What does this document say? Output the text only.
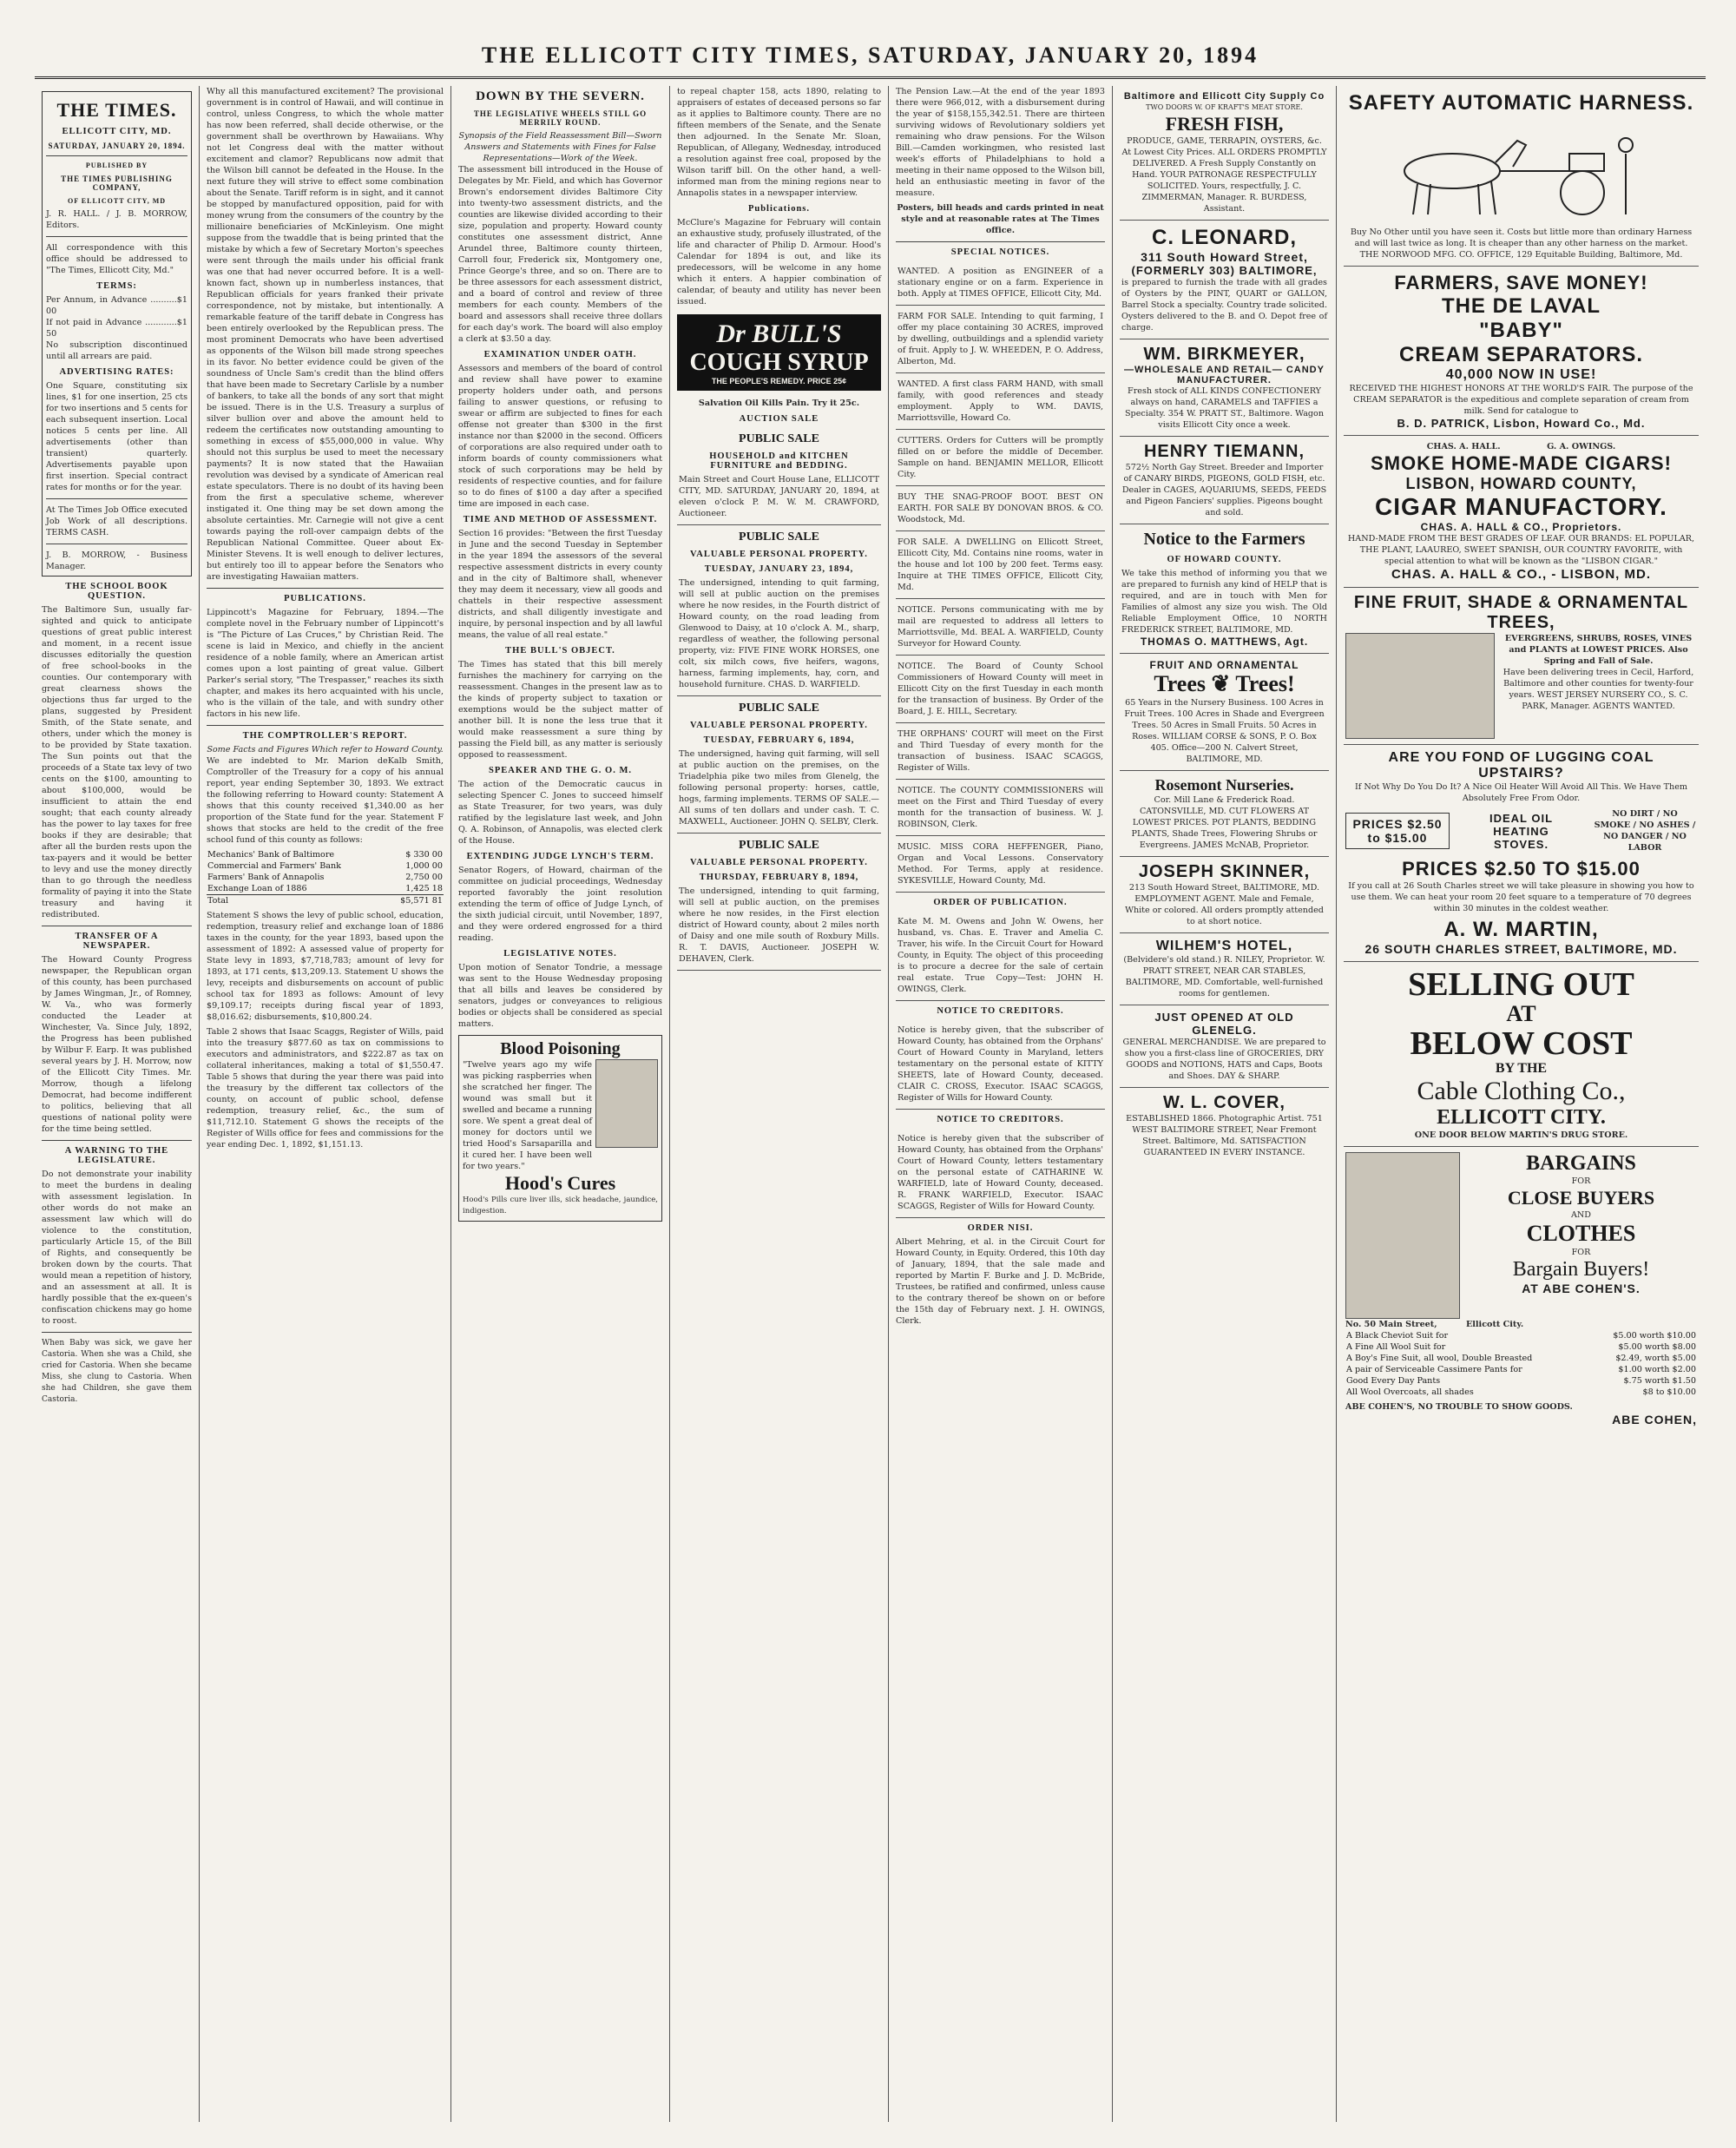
THE ELLICOTT CITY TIMES, SATURDAY, JANUARY 20, 1894
THE TIMES.
ELLICOTT CITY, MD.
SATURDAY, JANUARY 20, 1894.
PUBLISHED BY
THE TIMES PUBLISHING COMPANY,
OF ELLICOTT CITY, MD
J. R. HALL. / J. B. MORROW, Editors.
All correspondence with this office should be addressed to "The Times, Ellicott City, Md."
TERMS:
Per Annum, in Advance ..........$1 00
If not paid in Advance ............$1 50
No subscription discontinued until all arrears are paid.
ADVERTISING RATES:
One Square, constituting six lines, $1 for one insertion, 25 cts for two insertions and 5 cents for each subsequent insertion. Local notices 5 cents per line. All advertisements (other than transient) quarterly. Advertisements payable upon first insertion. Special contract rates for months or for the year.
At The Times Job Office executed Job Work of all descriptions. TERMS CASH.
J. B. MORROW, - Business Manager.
THE SCHOOL BOOK QUESTION.
The Baltimore Sun, usually far-sighted and quick to anticipate questions of great public interest and moment, in a recent issue discusses editorially the question of free school-books in the counties. Our contemporary with great clearness shows the objections thus far urged to the plans, suggested by President Smith, of the State senate, and others, under which the money is to be provided by State taxation. The Sun points out that the proceeds of a State tax levy of two cents on the $100, amounting to about $100,000, would be insufficient to attain the end sought; that each county already has the power to lay taxes for free books if they are desirable; that after all the burden rests upon the tax-payers and it would be better to levy and use the money directly than to go through the needless formality of paying it into the State treasury and having it redistributed.
TRANSFER OF A NEWSPAPER.
The Howard County Progress newspaper, the Republican organ of this county, has been purchased by James Wingman, Jr., of Romney, W. Va., who was formerly conducted the Leader at Winchester, Va. Since July, 1892, the Progress has been published by Wilbur F. Earp. It was published several years by J. H. Morrow, now of the Ellicott City Times. Mr. Morrow, though a lifelong Democrat, had become indifferent to politics, believing that all questions of national polity were for the time being settled.
A WARNING TO THE LEGISLATURE.
Do not demonstrate your inability to meet the burdens in dealing with assessment legislation. In other words do not make an assessment law which will do violence to the constitution, particularly Article 15, of the Bill of Rights, and consequently be broken down by the courts. That would mean a repetition of history, and an assessment at all. It is hardly possible that the ex-queen's confiscation chickens may go home to roost.
When Baby was sick, we gave her Castoria. When she was a Child, she cried for Castoria. When she became Miss, she clung to Castoria. When she had Children, she gave them Castoria.
Why all this manufactured excitement? The provisional government is in control of Hawaii, and will continue in control, unless Congress, to which the whole matter has now been referred, shall decide otherwise, or the government shall be overthrown by Hawaiians. Why not let Congress deal with the matter without excitement and clamor? Republicans now admit that the Wilson bill cannot be defeated in the House. In the next future they will strive to effect some combination about the Senate. Tariff reform is in sight, and it cannot be stopped by manufactured opposition, paid for with money wrung from the consumers of the country by the millionaire beneficiaries of McKinleyism. One might suppose from the twaddle that is being printed that the mistake by which a few of Secretary Morton's speeches were sent through the mails under his official frank was one that had never occurred before. It is a well-known fact, shown up in numberless instances, that Republican officials for years franked their private correspondence, not by mistake, but intentionally. A remarkable feature of the tariff debate in Congress has been entirely overlooked by the Republican press. The most prominent Democrats who have been advertised as opponents of the Wilson bill made strong speeches in its favor. No better evidence could be given of the soundness of Uncle Sam's credit than the blind offers that have been made to Secretary Carlisle by a number of bankers, to take all the bonds of any sort that might be issued. There is in the U.S. Treasury a surplus of silver bullion over and above the amount held to redeem the certificates now outstanding amounting to something in excess of $55,000,000 in value. Why should not this surplus be used to meet the necessary payments? It is now stated that the Hawaiian revolution was devised by a syndicate of American real estate speculators. There is no doubt of its having been from the first a speculative scheme, wherever instigated it. One thing may be set down among the absolute certainties. Mr. Carnegie will not give a cent towards paying the roll-over campaign debts of the Republican National Committee. Queer about Ex-Minister Stevens. It is well enough to deliver lectures, but entirely too ill to appear before the Senators who are investigating Hawaiian matters.
PUBLICATIONS.
Lippincott's Magazine for February, 1894.—The complete novel in the February number of Lippincott's is "The Picture of Las Cruces," by Christian Reid. The scene is laid in Mexico, and chiefly in the ancient residence of a noble family, where an American artist comes upon a lost painting of great value. Gilbert Parker's serial story, "The Trespasser," reaches its sixth chapter, and makes its hero acquainted with his uncle, who is the villain of the tale, and with sundry other factors in his new life.
THE COMPTROLLER'S REPORT.
Some Facts and Figures Which refer to Howard County.
We are indebted to Mr. Marion deKalb Smith, Comptroller of the Treasury for a copy of his annual report, year ending September 30, 1893. We extract the following referring to Howard county: Statement A shows that this county received $1,340.00 as her proportion of the State fund for the year. Statement F shows that stocks are held to the credit of the free school fund of this county as follows:
Mechanics' Bank of Baltimore	$ 330 00
Commercial and Farmers' Bank	1,000 00
Farmers' Bank of Annapolis	2,750 00
Exchange Loan of 1886	1,425 18
Total	$5,571 81
Statement S shows the levy of public school, education, redemption, treasury relief and exchange loan of 1886 taxes in the county, for the year 1893, based upon the assessment of 1892: A assessed value of property for State levy in 1893, $7,718,783; amount of levy for 1893, at 171 cents, $13,209.13. Statement U shows the levy, receipts and disbursements on account of public school tax for 1893 as follows: Amount of levy $9,109.17; receipts during fiscal year of 1893, $8,016.62; disbursements, $10,800.24.
Table 2 shows that Isaac Scaggs, Register of Wills, paid into the treasury $877.60 as tax on commissions to executors and administrators, and $222.87 as tax on collateral inheritances, making a total of $1,550.47. Table 5 shows that during the year there was paid into the treasury by the different tax collectors of the county, on account of public school, defense redemption, treasury relief, &c., the sum of $11,712.10. Statement G shows the receipts of the Register of Wills office for fees and commissions for the year ending Dec. 1, 1892, $1,151.13.
DOWN BY THE SEVERN.
THE LEGISLATIVE WHEELS STILL GO MERRILY ROUND.
Synopsis of the Field Reassessment Bill—Sworn Answers and Statements with Fines for False Representations—Work of the Week.
The assessment bill introduced in the House of Delegates by Mr. Field, and which has Governor Brown's endorsement divides Baltimore City into twenty-two assessment districts, and the counties are likewise divided according to their size, population and property. Howard county constitutes one assessment district, Anne Arundel three, Baltimore county thirteen, Carroll four, Frederick six, Montgomery one, Prince George's three, and so on. There are to be three assessors for each assessment district, and a board of control and review of three members for each county. Members of the board and assessors shall receive three dollars for each day's work. The board will also employ a clerk at $3.50 a day.
EXAMINATION UNDER OATH.
Assessors and members of the board of control and review shall have power to examine property holders under oath, and persons failing to answer questions, or refusing to swear or affirm are subjected to fines for each offense not greater than $300 in the first instance nor than $2000 in the second. Officers of corporations are also required under oath to inform boards of county commissioners what stock of such corporations may be held by residents of respective counties, and for failure so to do fines of $100 a day after a specified time are imposed in each case.
TIME AND METHOD OF ASSESSMENT.
Section 16 provides: "Between the first Tuesday in June and the second Tuesday in September in the year 1894 the assessors of the several respective assessment districts in every county and in the city of Baltimore shall, whenever they may deem it necessary, view all goods and chattels in their respective assessment districts, and shall diligently investigate and inquire, by personal inspection and by all lawful means, the value of all real estate."
THE BULL'S OBJECT.
The Times has stated that this bill merely furnishes the machinery for carrying on the reassessment. Changes in the present law as to the kinds of property subject to taxation or exemptions would be the subject matter of another bill. It is none the less true that it would make reassessment a sure thing by passing the Field bill, as any matter is seriously opposed to reassessment.
SPEAKER AND THE G. O. M.
The action of the Democratic caucus in selecting Spencer C. Jones to succeed himself as State Treasurer, for two years, was duly ratified by the legislature last week, and John Q. A. Robinson, of Annapolis, was elected clerk of the House.
EXTENDING JUDGE LYNCH'S TERM.
Senator Rogers, of Howard, chairman of the committee on judicial proceedings, Wednesday reported favorably the joint resolution extending the term of office of Judge Lynch, of the sixth judicial circuit, until November, 1897, and they were ordered engrossed for a third reading.
LEGISLATIVE NOTES.
Upon motion of Senator Tondrie, a message was sent to the House Wednesday proposing that all bills and leaves be considered by senators, judges or conveyances to religious bodies or objects shall be considered as special matters.
Blood Poisoning
"Twelve years ago my wife was picking raspberries when she scratched her finger. The wound was small but it swelled and became a running sore. We spent a great deal of money for doctors until we tried Hood's Sarsaparilla and it cured her. I have been well for two years."
Hood's Cures
Hood's Pills cure liver ills, sick headache, jaundice, indigestion.
to repeal chapter 158, acts 1890, relating to appraisers of estates of deceased persons so far as it applies to Baltimore county. There are no fifteen members of the Senate, and the Senate then adjourned. In the Senate Mr. Sloan, Republican, of Allegany, Wednesday, introduced a resolution against free coal, proposed by the Wilson tariff bill. On the other hand, a well-informed man from the mining regions near to Annapolis states in a newspaper interview.
Publications.
McClure's Magazine for February will contain an exhaustive study, profusely illustrated, of the life and character of Philip D. Armour. Hood's Calendar for 1894 is out, and like its predecessors, will be welcome in any home which it enters. A happier combination of calendar, of beauty and utility has never been issued.
Dr BULL'S
COUGH SYRUP
THE PEOPLE'S REMEDY. PRICE 25¢
Salvation Oil Kills Pain. Try it 25c.
AUCTION SALE
PUBLIC SALE
HOUSEHOLD and KITCHEN FURNITURE and BEDDING.
Main Street and Court House Lane, ELLICOTT CITY, MD. SATURDAY, JANUARY 20, 1894, at eleven o'clock P. M. W. M. CRAWFORD, Auctioneer.
PUBLIC SALE
VALUABLE PERSONAL PROPERTY.
TUESDAY, JANUARY 23, 1894,
The undersigned, intending to quit farming, will sell at public auction on the premises where he now resides, in the Fourth district of Howard county, on the road leading from Glenwood to Daisy, at 10 o'clock A. M., sharp, regardless of weather, the following personal property, viz: FIVE FINE WORK HORSES, one colt, six milch cows, five heifers, wagons, harness, farming implements, hay, corn, and household furniture. CHAS. D. WARFIELD.
PUBLIC SALE
VALUABLE PERSONAL PROPERTY.
TUESDAY, FEBRUARY 6, 1894,
The undersigned, having quit farming, will sell at public auction on the premises, on the Triadelphia pike two miles from Glenelg, the following personal property: horses, cattle, hogs, farming implements. TERMS OF SALE.—All sums of ten dollars and under cash. T. C. MAXWELL, Auctioneer. JOHN Q. SELBY, Clerk.
PUBLIC SALE
VALUABLE PERSONAL PROPERTY.
THURSDAY, FEBRUARY 8, 1894,
The undersigned, intending to quit farming, will sell at public auction, on the premises where he now resides, in the First election district of Howard county, about 2 miles north of Daisy and one mile south of Roxbury Mills. R. T. DAVIS, Auctioneer. JOSEPH W. DEHAVEN, Clerk.
The Pension Law.—At the end of the year 1893 there were 966,012, with a disbursement during the year of $158,155,342.51. There are thirteen surviving widows of Revolutionary soldiers yet remaining who draw pensions. For the Wilson Bill.—Camden workingmen, who resisted last week's efforts of Philadelphians to hold a meeting in their name opposed to the Wilson bill, held an enthusiastic meeting in favor of the measure.
Posters, bill heads and cards printed in neat style and at reasonable rates at The Times office.
SPECIAL NOTICES.
WANTED. A position as ENGINEER of a stationary engine or on a farm. Experience in both. Apply at TIMES OFFICE, Ellicott City, Md.
FARM FOR SALE. Intending to quit farming, I offer my place containing 30 ACRES, improved by dwelling, outbuildings and a splendid variety of fruit. Apply to J. W. WHEEDEN, P. O. Address, Alberton, Md.
WANTED. A first class FARM HAND, with small family, with good references and steady employment. Apply to WM. DAVIS, Marriottsville, Howard Co.
CUTTERS. Orders for Cutters will be promptly filled on or before the middle of December. Sample on hand. BENJAMIN MELLOR, Ellicott City.
BUY THE SNAG-PROOF BOOT. BEST ON EARTH. FOR SALE BY DONOVAN BROS. & CO. Woodstock, Md.
FOR SALE. A DWELLING on Ellicott Street, Ellicott City, Md. Contains nine rooms, water in the house and lot 100 by 200 feet. Terms easy. Inquire at THE TIMES OFFICE, Ellicott City, Md.
NOTICE. Persons communicating with me by mail are requested to address all letters to Marriottsville, Md. BEAL A. WARFIELD, County Surveyor for Howard County.
NOTICE. The Board of County School Commissioners of Howard County will meet in Ellicott City on the first Tuesday in each month for the transaction of business. By Order of the Board, J. E. HILL, Secretary.
THE ORPHANS' COURT will meet on the First and Third Tuesday of every month for the transaction of business. ISAAC SCAGGS, Register of Wills.
NOTICE. The COUNTY COMMISSIONERS will meet on the First and Third Tuesday of every month for the transaction of business. W. J. ROBINSON, Clerk.
MUSIC. MISS CORA HEFFENGER, Piano, Organ and Vocal Lessons. Conservatory Method. For Terms, apply at residence. SYKESVILLE, Howard County, Md.
ORDER OF PUBLICATION.
Kate M. M. Owens and John W. Owens, her husband, vs. Chas. E. Traver and Amelia C. Traver, his wife. In the Circuit Court for Howard County, in Equity. The object of this proceeding is to procure a decree for the sale of certain real estate. True Copy—Test: JOHN H. OWINGS, Clerk.
NOTICE TO CREDITORS.
Notice is hereby given, that the subscriber of Howard County, has obtained from the Orphans' Court of Howard County in Maryland, letters testamentary on the personal estate of KITTY SHEETS, late of Howard County, deceased. CLAIR C. CROSS, Executor. ISAAC SCAGGS, Register of Wills for Howard County.
NOTICE TO CREDITORS.
Notice is hereby given that the subscriber of Howard County, has obtained from the Orphans' Court of Howard County, letters testamentary on the personal estate of CATHARINE W. WARFIELD, late of Howard County, deceased. R. FRANK WARFIELD, Executor. ISAAC SCAGGS, Register of Wills for Howard County.
ORDER NISI.
Albert Mehring, et al. in the Circuit Court for Howard County, in Equity. Ordered, this 10th day of January, 1894, that the sale made and reported by Martin F. Burke and J. D. McBride, Trustees, be ratified and confirmed, unless cause to the contrary thereof be shown on or before the 15th day of February next. J. H. OWINGS, Clerk.
Baltimore and Ellicott City Supply Co
TWO DOORS W. OF KRAFT'S MEAT STORE.
FRESH FISH,
PRODUCE, GAME, TERRAPIN, OYSTERS, &c. At Lowest City Prices. ALL ORDERS PROMPTLY DELIVERED. A Fresh Supply Constantly on Hand. YOUR PATRONAGE RESPECTFULLY SOLICITED. Yours, respectfully, J. C. ZIMMERMAN, Manager. R. BURDESS, Assistant.
C. LEONARD,
311 South Howard Street,
(FORMERLY 303) BALTIMORE,
is prepared to furnish the trade with all grades of Oysters by the PINT, QUART or GALLON, Barrel Stock a specialty. Country trade solicited. Oysters delivered to the B. and O. Depot free of charge.
WM. BIRKMEYER,
—WHOLESALE AND RETAIL— CANDY MANUFACTURER.
Fresh stock of ALL KINDS CONFECTIONERY always on hand, CARAMELS and TAFFIES a Specialty. 354 W. PRATT ST., Baltimore. Wagon visits Ellicott City once a week.
HENRY TIEMANN,
572½ North Gay Street. Breeder and Importer of CANARY BIRDS, PIGEONS, GOLD FISH, etc. Dealer in CAGES, AQUARIUMS, SEEDS, FEEDS and Pigeon Fanciers' supplies. Pigeons bought and sold.
Notice to the Farmers
OF HOWARD COUNTY.
We take this method of informing you that we are prepared to furnish any kind of HELP that is required, and are in touch with Men for Families of almost any size you wish. The Old Reliable Employment Office, 10 NORTH FREDERICK STREET, BALTIMORE, MD.
THOMAS O. MATTHEWS, Agt.
FRUIT AND ORNAMENTAL
Trees ❦ Trees!
65 Years in the Nursery Business. 100 Acres in Fruit Trees. 100 Acres in Shade and Evergreen Trees. 50 Acres in Small Fruits. 50 Acres in Roses. WILLIAM CORSE & SONS, P. O. Box 405. Office—200 N. Calvert Street, BALTIMORE, MD.
Rosemont Nurseries.
Cor. Mill Lane & Frederick Road. CATONSVILLE, MD. CUT FLOWERS AT LOWEST PRICES. POT PLANTS, BEDDING PLANTS, Shade Trees, Flowering Shrubs or Evergreens. JAMES McNAB, Proprietor.
JOSEPH SKINNER,
213 South Howard Street, BALTIMORE, MD. EMPLOYMENT AGENT. Male and Female, White or colored. All orders promptly attended to at short notice.
WILHEM'S HOTEL,
(Belvidere's old stand.) R. NILEY, Proprietor. W. PRATT STREET, NEAR CAR STABLES, BALTIMORE, MD. Comfortable, well-furnished rooms for gentlemen.
JUST OPENED AT OLD GLENELG.
GENERAL MERCHANDISE. We are prepared to show you a first-class line of GROCERIES, DRY GOODS and NOTIONS, HATS and Caps, Boots and Shoes. DAY & SHARP.
W. L. COVER,
ESTABLISHED 1866. Photographic Artist. 751 WEST BALTIMORE STREET, Near Fremont Street. Baltimore, Md. SATISFACTION GUARANTEED IN EVERY INSTANCE.
SAFETY AUTOMATIC HARNESS.
Buy No Other until you have seen it. Costs but little more than ordinary Harness and will last twice as long. It is cheaper than any other harness on the market. THE NORWOOD MFG. CO. OFFICE, 129 Equitable Building, Baltimore, Md.
FARMERS, SAVE MONEY!
THE DE LAVAL
"BABY"
CREAM SEPARATORS.
40,000 NOW IN USE!
RECEIVED THE HIGHEST HONORS AT THE WORLD'S FAIR. The purpose of the CREAM SEPARATOR is the expeditious and complete separation of cream from milk. Send for catalogue to
B. D. PATRICK, Lisbon, Howard Co., Md.
CHAS. A. HALL.                G. A. OWINGS.
SMOKE HOME-MADE CIGARS!
LISBON, HOWARD COUNTY,
CIGAR MANUFACTORY.
CHAS. A. HALL & CO., Proprietors.
HAND-MADE FROM THE BEST GRADES OF LEAF. OUR BRANDS: EL POPULAR, THE PLANT, LAAUREO, SWEET SPANISH, OUR COUNTRY FAVORITE, with special attention to what will be known as the "LISBON CIGAR."
CHAS. A. HALL & CO., - LISBON, MD.
FINE FRUIT, SHADE & ORNAMENTAL TREES,
EVERGREENS, SHRUBS, ROSES, VINES and PLANTS at LOWEST PRICES. Also Spring and Fall of Sale.
Have been delivering trees in Cecil, Harford, Baltimore and other counties for twenty-four years. WEST JERSEY NURSERY CO., S. C. PARK, Manager. AGENTS WANTED.
ARE YOU FOND OF LUGGING COAL UPSTAIRS?
If Not Why Do You Do It? A Nice Oil Heater Will Avoid All This. We Have Them Absolutely Free From Odor.
PRICES $2.50 to $15.00
IDEAL OIL HEATING STOVES.
NO DIRT / NO SMOKE / NO ASHES / NO DANGER / NO LABOR
PRICES $2.50 TO $15.00
If you call at 26 South Charles street we will take pleasure in showing you how to use them. We can heat your room 20 feet square to a temperature of 70 degrees within 30 minutes in the coldest weather.
A. W. MARTIN,
26 SOUTH CHARLES STREET, BALTIMORE, MD.
SELLING OUT
AT
BELOW COST
BY THE
Cable Clothing Co.,
ELLICOTT CITY.
ONE DOOR BELOW MARTIN'S DRUG STORE.
BARGAINS
FOR
CLOSE BUYERS
AND
CLOTHES
FOR
Bargain Buyers!
AT ABE COHEN'S.
No. 50 Main Street,          Ellicott City.
A Black Cheviot Suit for	$5.00 worth $10.00
A Fine All Wool Suit for	$5.00 worth $8.00
A Boy's Fine Suit, all wool, Double Breasted	$2.49, worth $5.00
A pair of Serviceable Cassimere Pants for	$1.00 worth $2.00
Good Every Day Pants	$.75 worth $1.50
All Wool Overcoats, all shades	$8 to $10.00
ABE COHEN'S, NO TROUBLE TO SHOW GOODS.
ABE COHEN,
